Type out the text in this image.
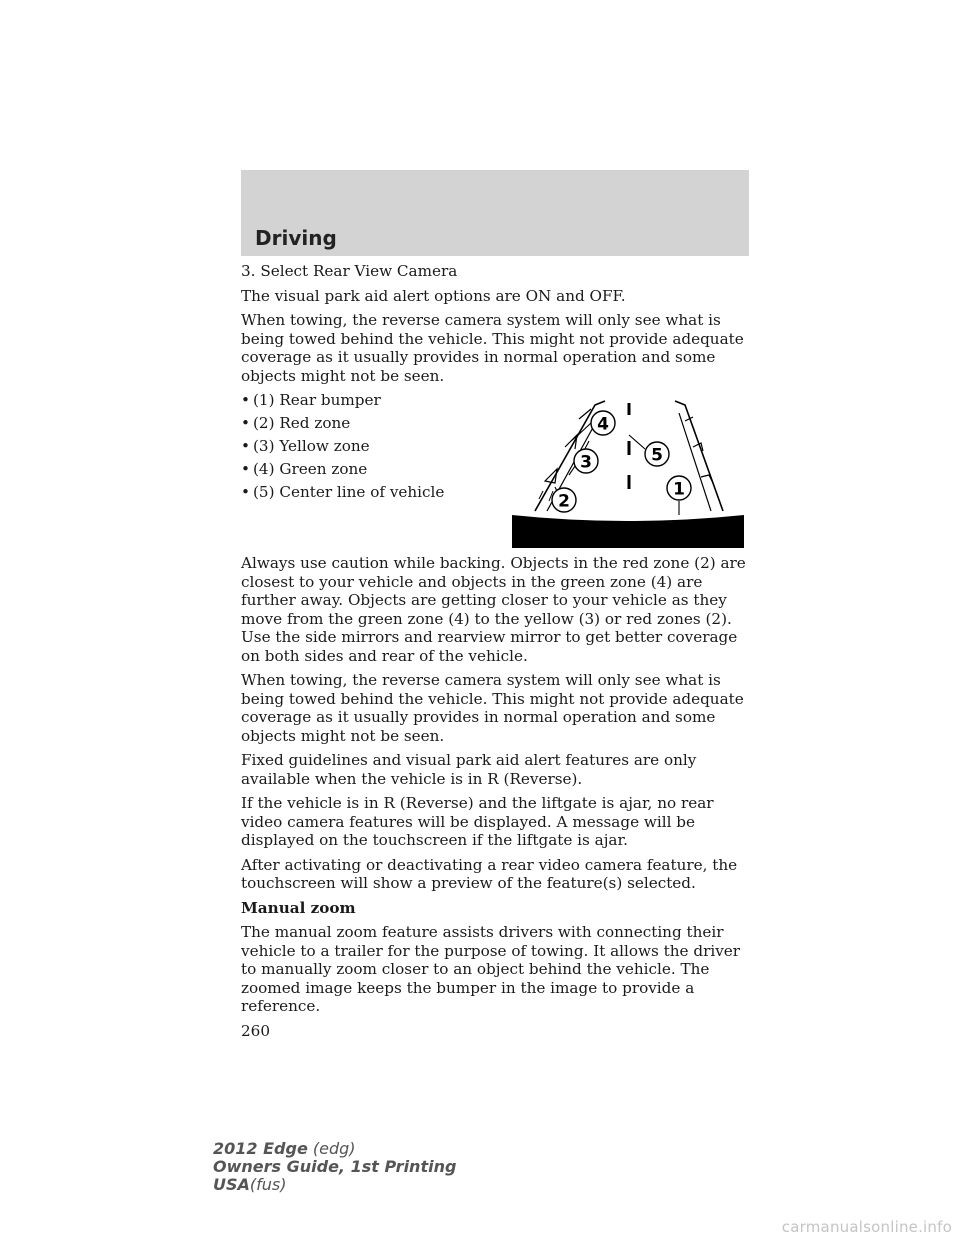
Driving

3. Select Rear View Camera

The visual park aid alert options are ON and OFF.

When towing, the reverse camera system will only see what is being towed behind the vehicle. This might not provide adequate coverage as it usually provides in normal operation and some objects might not be seen.

• (1) Rear bumper
• (2) Red zone
• (3) Yellow zone
• (4) Green zone
• (5) Center line of vehicle
4
3	5
2
1

Always use caution while backing. Objects in the red zone (2) are closest to your vehicle and objects in the green zone (4) are further away. Objects are getting closer to your vehicle as they move from the green zone (4) to the yellow (3) or red zones (2). Use the side mirrors and rearview mirror to get better coverage on both sides and rear of the vehicle.

When towing, the reverse camera system will only see what is being towed behind the vehicle. This might not provide adequate coverage as it usually provides in normal operation and some objects might not be seen.

Fixed guidelines and visual park aid alert features are only available when the vehicle is in R (Reverse).

If the vehicle is in R (Reverse) and the liftgate is ajar, no rear video camera features will be displayed. A message will be displayed on the touchscreen if the liftgate is ajar.

After activating or deactivating a rear video camera feature, the touchscreen will show a preview of the feature(s) selected.

Manual zoom

The manual zoom feature assists drivers with connecting their vehicle to a trailer for the purpose of towing. It allows the driver to manually zoom closer to an object behind the vehicle. The zoomed image keeps the bumper in the image to provide a reference.

260
2012 Edge (edg)
Owners Guide, 1st Printing
USA(fus)
carmanualsonline.info
